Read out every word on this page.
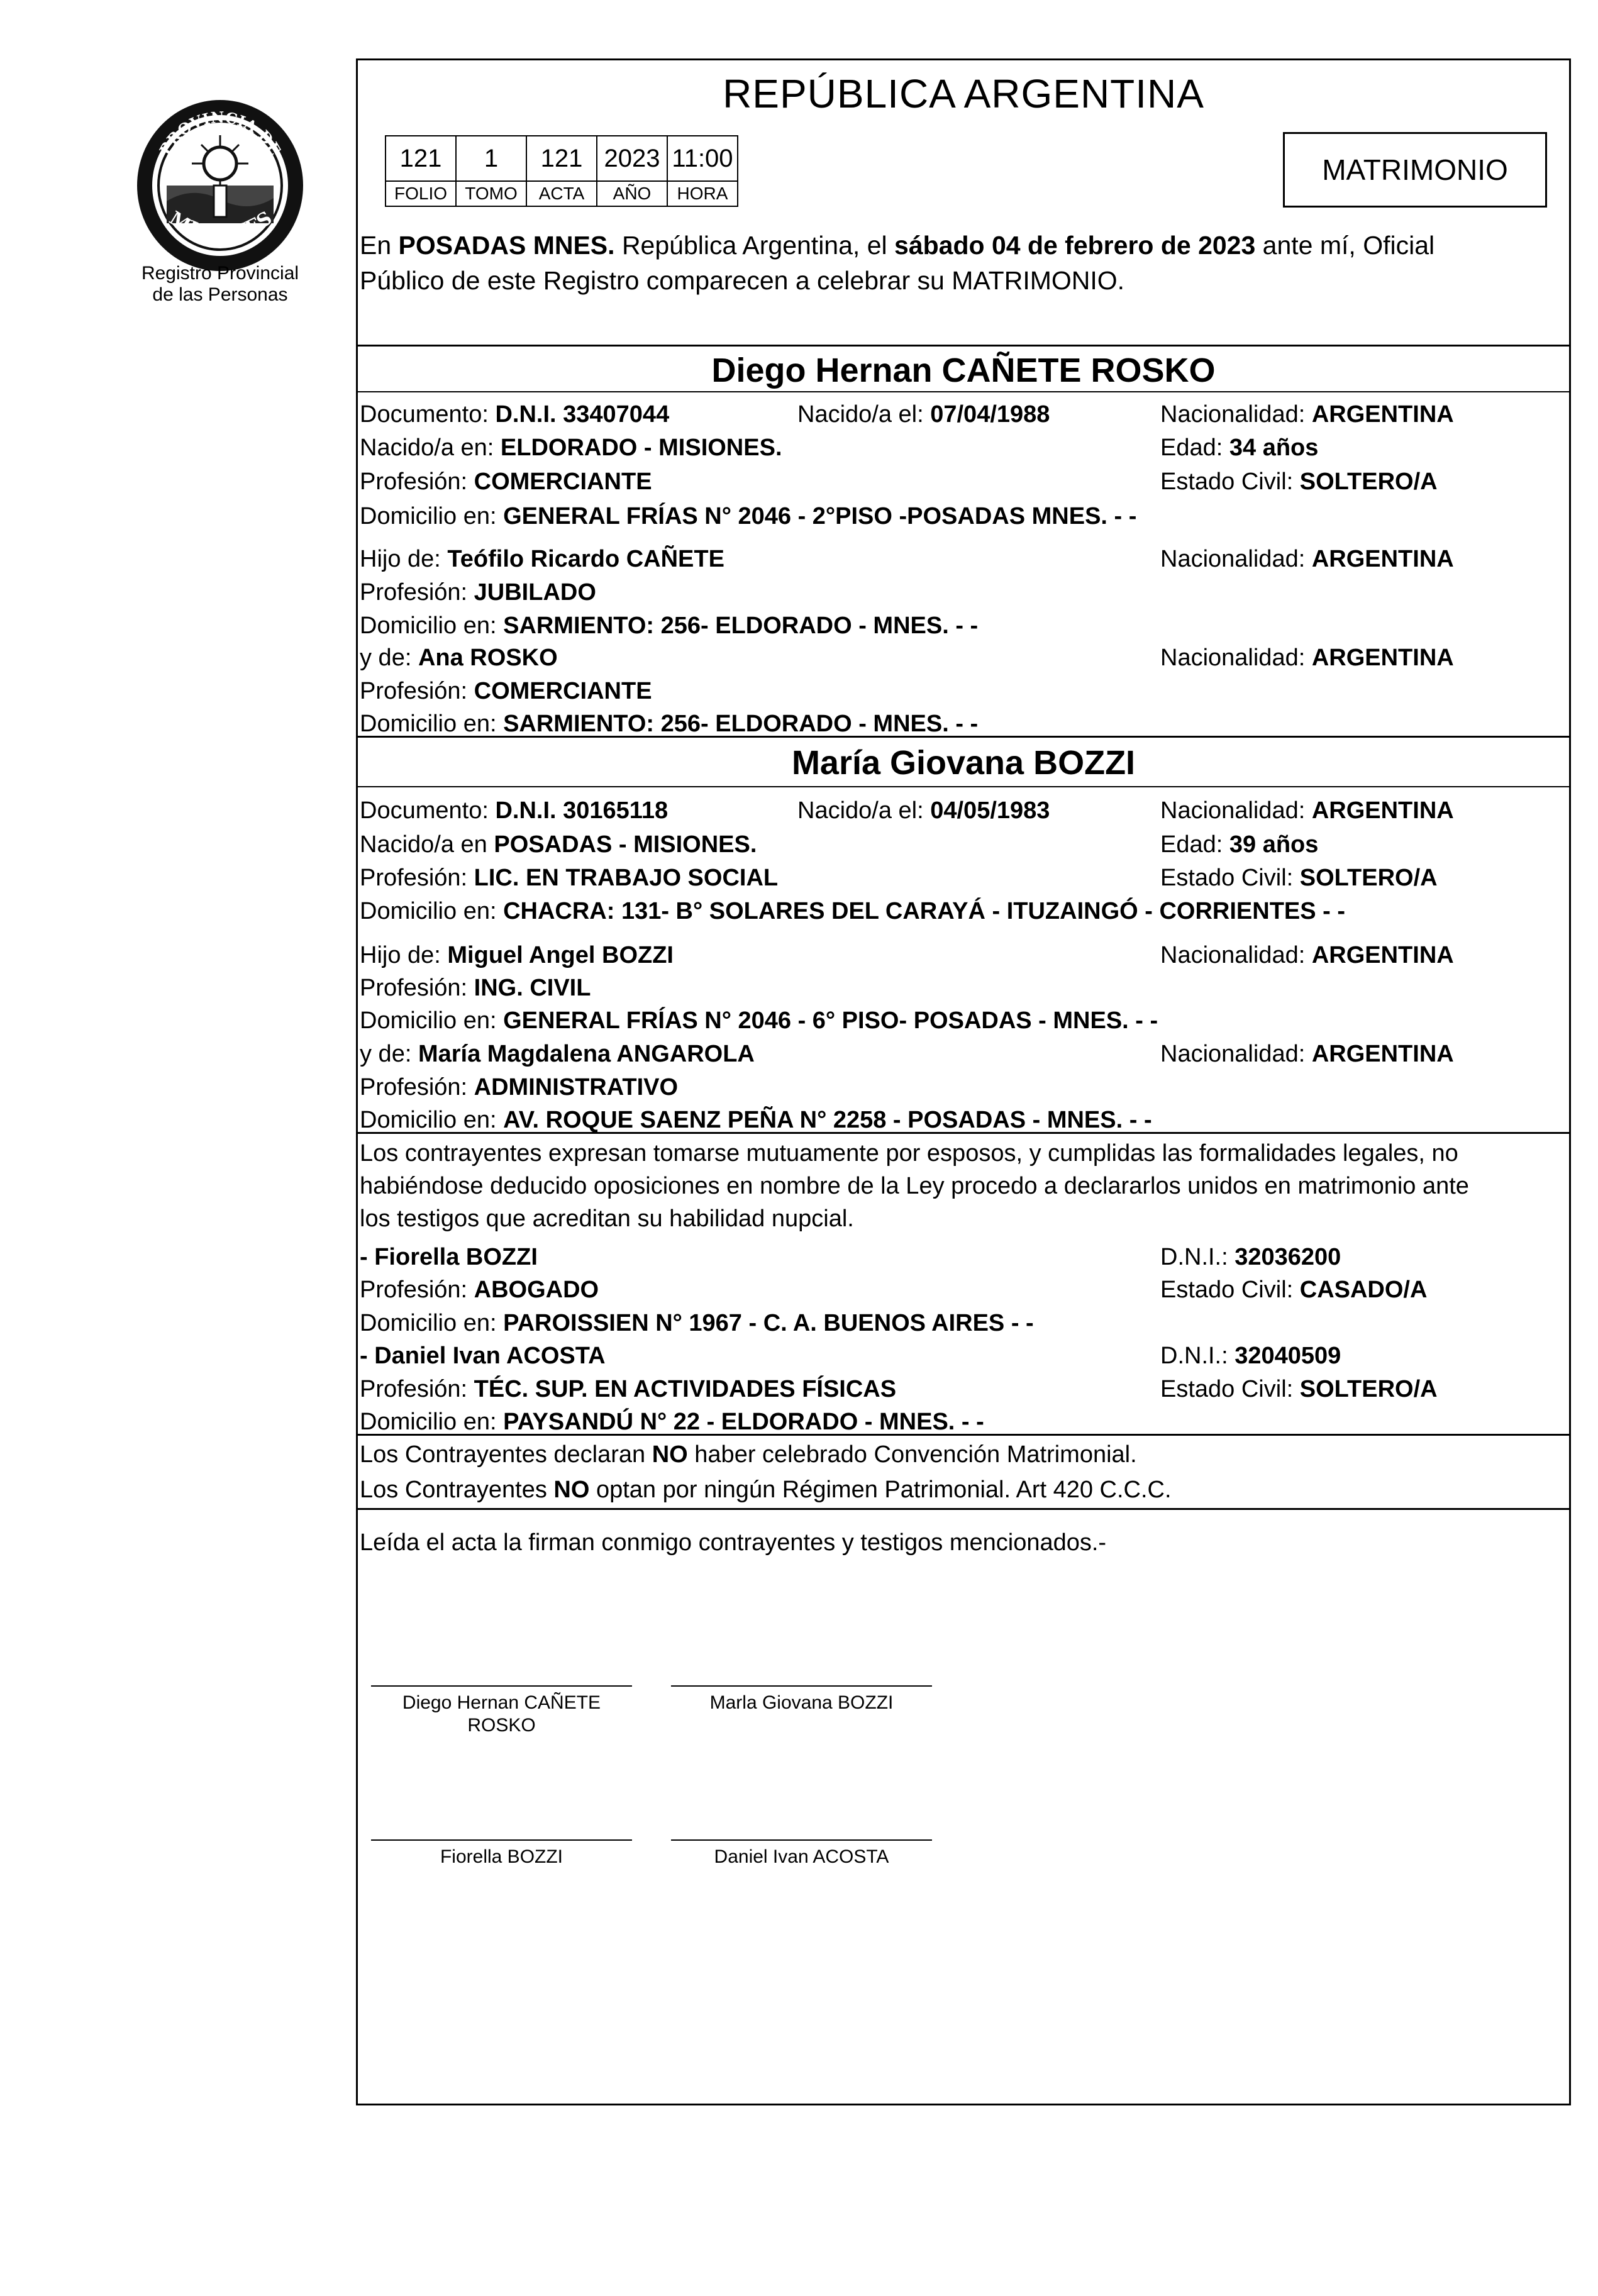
PROVINCIA DE
MISIONES
Registro Provincial
de las Personas
REPÚBLICA ARGENTINA
121	1	121	2023	11:00
FOLIO	TOMO	ACTA	AÑO	HORA
MATRIMONIO
En POSADAS MNES. República Argentina, el sábado 04 de febrero de 2023 ante mí, Oficial
Público de este Registro comparecen a celebrar su MATRIMONIO.
Diego Hernan CAÑETE ROSKO
Documento: D.N.I. 33407044	Nacido/a el: 07/04/1988	Nacionalidad: ARGENTINA
Nacido/a en: ELDORADO - MISIONES.	Edad: 34 años
Profesión: COMERCIANTE	Estado Civil: SOLTERO/A
Domicilio en: GENERAL FRÍAS N° 2046 - 2°PISO -POSADAS MNES. - -
Hijo de: Teófilo Ricardo CAÑETE	Nacionalidad: ARGENTINA
Profesión: JUBILADO
Domicilio en: SARMIENTO: 256- ELDORADO - MNES. - -
y de: Ana ROSKO	Nacionalidad: ARGENTINA
Profesión: COMERCIANTE
Domicilio en: SARMIENTO: 256- ELDORADO - MNES. - -
María Giovana BOZZI
Documento: D.N.I. 30165118	Nacido/a el: 04/05/1983	Nacionalidad: ARGENTINA
Nacido/a en POSADAS - MISIONES.	Edad: 39 años
Profesión: LIC. EN TRABAJO SOCIAL	Estado Civil: SOLTERO/A
Domicilio en: CHACRA: 131- B° SOLARES DEL CARAYÁ - ITUZAINGÓ - CORRIENTES - -
Hijo de: Miguel Angel BOZZI	Nacionalidad: ARGENTINA
Profesión: ING. CIVIL
Domicilio en: GENERAL FRÍAS N° 2046 - 6° PISO- POSADAS - MNES. - -
y de: María Magdalena ANGAROLA	Nacionalidad: ARGENTINA
Profesión: ADMINISTRATIVO
Domicilio en: AV. ROQUE SAENZ PEÑA N° 2258 - POSADAS - MNES. - -
Los contrayentes expresan tomarse mutuamente por esposos, y cumplidas las formalidades legales, no
habiéndose deducido oposiciones en nombre de la Ley procedo a declararlos unidos en matrimonio ante
los testigos que acreditan su habilidad nupcial.
- Fiorella BOZZI	D.N.I.: 32036200
Profesión: ABOGADO	Estado Civil: CASADO/A
Domicilio en: PAROISSIEN N° 1967 - C. A. BUENOS AIRES - -
- Daniel Ivan ACOSTA	D.N.I.: 32040509
Profesión: TÉC. SUP. EN ACTIVIDADES FÍSICAS	Estado Civil: SOLTERO/A
Domicilio en: PAYSANDÚ N° 22 - ELDORADO - MNES. - -
Los Contrayentes declaran NO haber celebrado Convención Matrimonial.
Los Contrayentes NO optan por ningún Régimen Patrimonial. Art 420 C.C.C.
Leída el acta la firman conmigo contrayentes y testigos mencionados.-
Diego Hernan CAÑETE
ROSKO
Marla Giovana BOZZI
Fiorella BOZZI	Daniel Ivan ACOSTA
